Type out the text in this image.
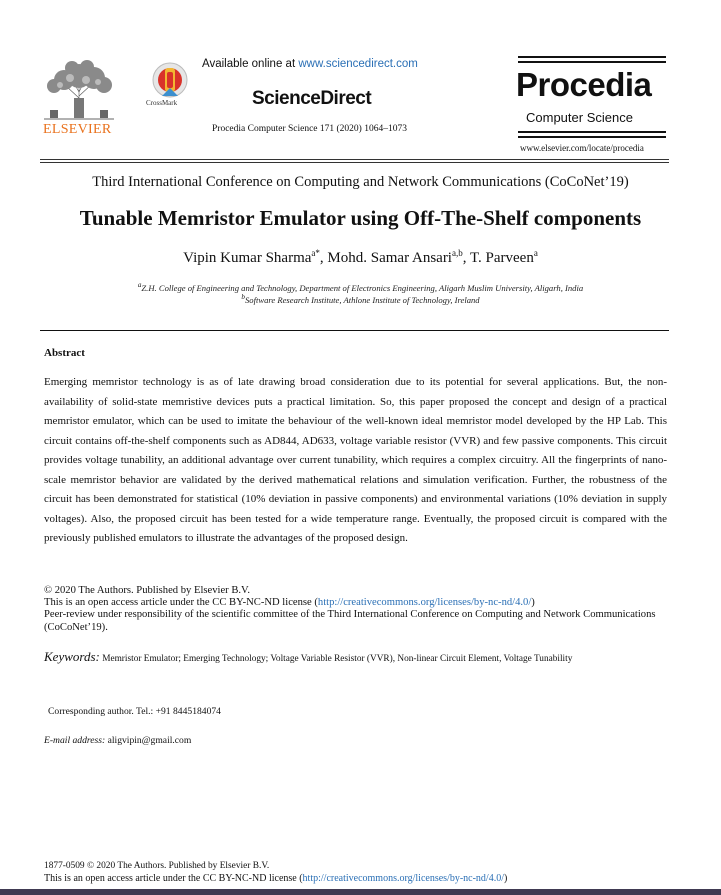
ELSEVIER
CrossMark
Available online at www.sciencedirect.com
ScienceDirect
Procedia Computer Science 171 (2020) 1064–1073
Procedia
Computer Science
www.elsevier.com/locate/procedia
Third International Conference on Computing and Network Communications (CoCoNet’19)
Tunable Memristor Emulator using Off-The-Shelf components
Vipin Kumar Sharma$^{a*}$, Mohd. Samar Ansari$^{a,b}$, T. Parveen$^a$
$^a$Z.H. College of Engineering and Technology, Department of Electronics Engineering, Aligarh Muslim University, Aligarh, India
$^b$Software Research Institute, Athlone Institute of Technology, Ireland
Abstract
Emerging memristor technology is as of late drawing broad consideration due to its potential for several applications. But, the non-availability of solid-state memristive devices puts a practical limitation. So, this paper proposed the concept and design of a practical memristor emulator, which can be used to imitate the behaviour of the well-known ideal memristor model developed by the HP Lab. This circuit contains off-the-shelf components such as AD844, AD633, voltage variable resistor (VVR) and few passive components. This circuit provides voltage tunability, an additional advantage over current tunability, which requires a complex circuitry. All the fingerprints of nano-scale memristor behavior are validated by the derived mathematical relations and simulation verification. Further, the robustness of the circuit has been demonstrated for statistical (10% deviation in passive components) and environmental variations (10% deviation in supply voltages). Also, the proposed circuit has been tested for a wide temperature range. Eventually, the proposed circuit is compared with the previously published emulators to illustrate the advantages of the proposed design.
© 2020 The Authors. Published by Elsevier B.V.
This is an open access article under the CC BY-NC-ND license (http://creativecommons.org/licenses/by-nc-nd/4.0/)
Peer-review under responsibility of the scientific committee of the Third International Conference on Computing and Network Communications (CoCoNet’19).
Keywords: Memristor Emulator; Emerging Technology; Voltage Variable Resistor (VVR), Non-linear Circuit Element, Voltage Tunability
Corresponding author. Tel.: +91 8445184074
E-mail address: aligvipin@gmail.com
1877-0509 © 2020 The Authors. Published by Elsevier B.V.
This is an open access article under the CC BY-NC-ND license (http://creativecommons.org/licenses/by-nc-nd/4.0/)
